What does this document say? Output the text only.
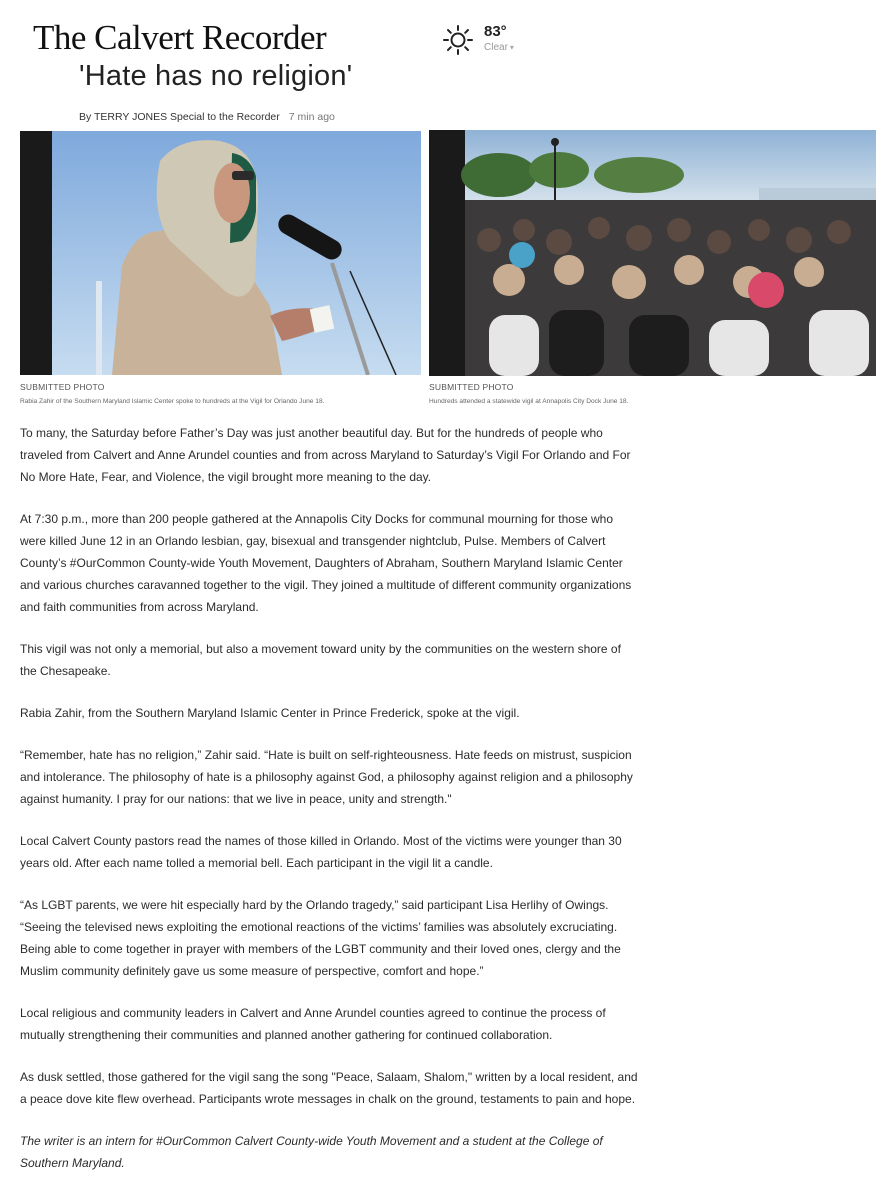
The Calvert Recorder	83°
Clear ▾
'Hate has no religion'
By TERRY JONES Special to the Recorder 7 min ago
SUBMITTED PHOTO
Rabia Zahir of the Southern Maryland Islamic Center spoke to hundreds at the Vigil for Orlando June 18.
SUBMITTED PHOTO
Hundreds attended a statewide vigil at Annapolis City Dock June 18.

To many, the Saturday before Father’s Day was just another beautiful day. But for the hundreds of people who traveled from Calvert and Anne Arundel counties and from across Maryland to Saturday’s Vigil For Orlando and For No More Hate, Fear, and Violence, the vigil brought more meaning to the day.

At 7:30 p.m., more than 200 people gathered at the Annapolis City Docks for communal mourning for those who were killed June 12 in an Orlando lesbian, gay, bisexual and transgender nightclub, Pulse. Members of Calvert County’s #OurCommon County-wide Youth Movement, Daughters of Abraham, Southern Maryland Islamic Center and various churches caravanned together to the vigil. They joined a multitude of different community organizations and faith communities from across Maryland.

This vigil was not only a memorial, but also a movement toward unity by the communities on the western shore of the Chesapeake.

Rabia Zahir, from the Southern Maryland Islamic Center in Prince Frederick, spoke at the vigil.

“Remember, hate has no religion,” Zahir said. “Hate is built on self-righteousness. Hate feeds on mistrust, suspicion and intolerance. The philosophy of hate is a philosophy against God, a philosophy against religion and a philosophy against humanity. I pray for our nations: that we live in peace, unity and strength."

Local Calvert County pastors read the names of those killed in Orlando. Most of the victims were younger than 30 years old. After each name tolled a memorial bell. Each participant in the vigil lit a candle.

“As LGBT parents, we were hit especially hard by the Orlando tragedy,” said participant Lisa Herlihy of Owings. “Seeing the televised news exploiting the emotional reactions of the victims’ families was absolutely excruciating. Being able to come together in prayer with members of the LGBT community and their loved ones, clergy and the Muslim community definitely gave us some measure of perspective, comfort and hope.”

Local religious and community leaders in Calvert and Anne Arundel counties agreed to continue the process of mutually strengthening their communities and planned another gathering for continued collaboration.

As dusk settled, those gathered for the vigil sang the song "Peace, Salaam, Shalom," written by a local resident, and a peace dove kite flew overhead. Participants wrote messages in chalk on the ground, testaments to pain and hope.

The writer is an intern for #OurCommon Calvert County-wide Youth Movement and a student at the College of Southern Maryland.
